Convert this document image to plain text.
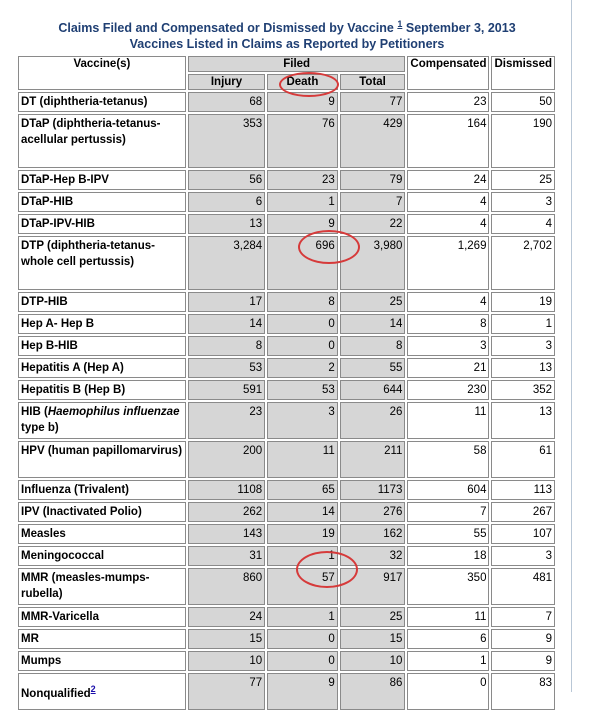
Claims Filed and Compensated or Dismissed by Vaccine $^1$ September 3, 2013
Vaccines Listed in Claims as Reported by Petitioners
Vaccine(s)	Filed			Compensated	Dismissed
	Injury	Death	Total		
DT (diphtheria-tetanus)	68	9	77	23	50
DTaP (diphtheria-tetanus-acellular pertussis)	353	76	429	164	190
DTaP-Hep B-IPV	56	23	79	24	25
DTaP-HIB	6	1	7	4	3
DTaP-IPV-HIB	13	9	22	4	4
DTP (diphtheria-tetanus-whole cell pertussis)	3,284	696	3,980	1,269	2,702
DTP-HIB	17	8	25	4	19
Hep A- Hep B	14	0	14	8	1
Hep B-HIB	8	0	8	3	3
Hepatitis A (Hep A)	53	2	55	21	13
Hepatitis B (Hep B)	591	53	644	230	352
HIB (Haemophilus influenzae type b)	23	3	26	11	13
HPV (human papillomarvirus)	200	11	211	58	61
Influenza (Trivalent)	1108	65	1173	604	113
IPV (Inactivated Polio)	262	14	276	7	267
Measles	143	19	162	55	107
Meningococcal	31	1	32	18	3
MMR (measles-mumps-rubella)	860	57	917	350	481
MMR-Varicella	24	1	25	11	7
MR	15	0	15	6	9
Mumps	10	0	10	1	9
Nonqualified$^2$	77	9	86	0	83
